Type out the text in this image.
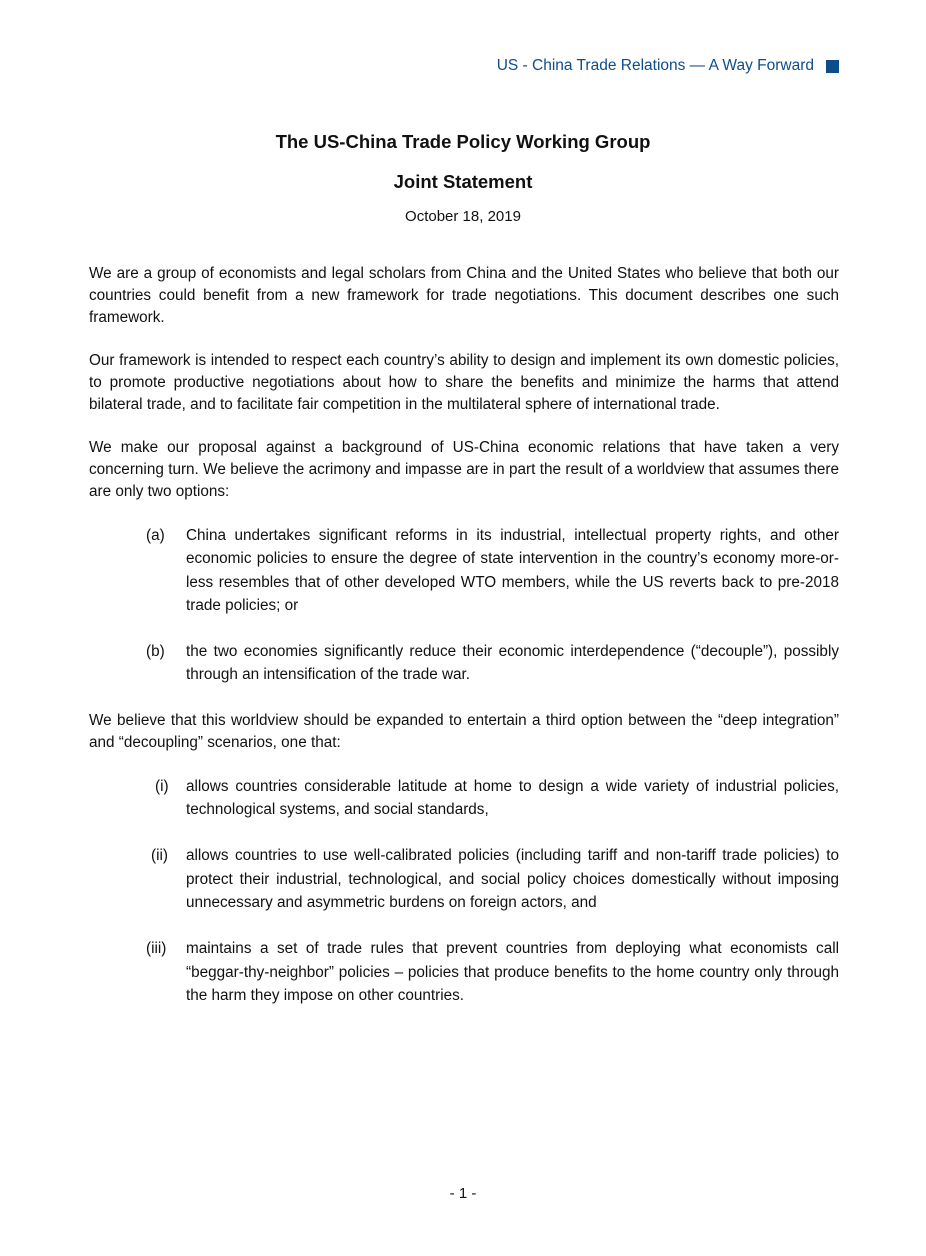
US - China Trade Relations — A Way Forward
The US-China Trade Policy Working Group
Joint Statement

October 18, 2019

We are a group of economists and legal scholars from China and the United States who believe that both our countries could benefit from a new framework for trade negotiations. This document describes one such framework.

Our framework is intended to respect each country’s ability to design and implement its own domestic policies, to promote productive negotiations about how to share the benefits and minimize the harms that attend bilateral trade, and to facilitate fair competition in the multilateral sphere of international trade.

We make our proposal against a background of US-China economic relations that have taken a very concerning turn. We believe the acrimony and impasse are in part the result of a worldview that assumes there are only two options:

(a) China undertakes significant reforms in its industrial, intellectual property rights, and other economic policies to ensure the degree of state intervention in the country’s economy more-or-less resembles that of other developed WTO members, while the US reverts back to pre-2018 trade policies; or
(b) the two economies significantly reduce their economic interdependence (“decouple”), possibly through an intensification of the trade war.

We believe that this worldview should be expanded to entertain a third option between the “deep integration” and “decoupling” scenarios, one that:

(i) allows countries considerable latitude at home to design a wide variety of industrial policies, technological systems, and social standards,
(ii) allows countries to use well-calibrated policies (including tariff and non-tariff trade policies) to protect their industrial, technological, and social policy choices domestically without imposing unnecessary and asymmetric burdens on foreign actors, and
(iii) maintains a set of trade rules that prevent countries from deploying what economists call “beggar-thy-neighbor” policies – policies that produce benefits to the home country only through the harm they impose on other countries.
- 1 -
